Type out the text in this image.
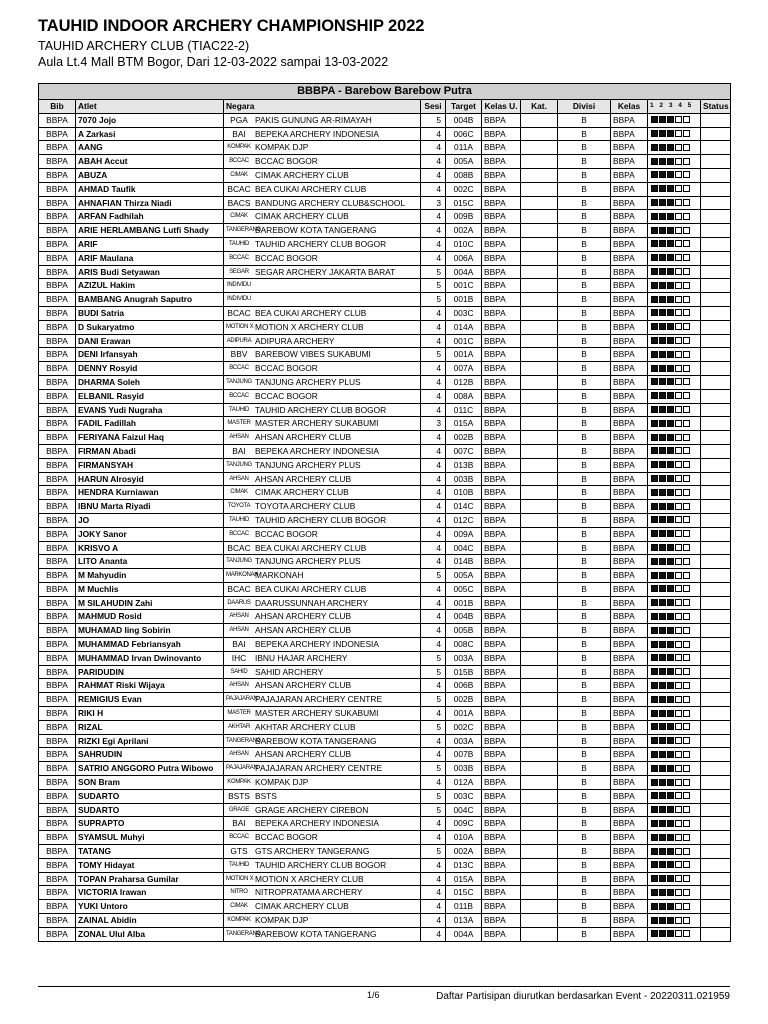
TAUHID INDOOR ARCHERY CHAMPIONSHIP 2022
TAUHID ARCHERY CLUB (TIAC22-2)
Aula Lt.4 Mall BTM Bogor, Dari 12-03-2022 sampai 13-03-2022
BBBPA - Barebow Barebow Putra										
Bib	Atlet	Negara	Sesi	Target	Kelas U.	Kat.	Divisi	Kelas	1 2 3 4 5	Status
BBPA	7070 Jojo	PGA PAKIS GUNUNG AR-RIMAYAH	5	004B	BBPA		B	BBPA		
BBPA	A Zarkasi	BAI BEPEKA ARCHERY INDONESIA	4	006C	BBPA		B	BBPA		
BBPA	AANG	KOMPAK KOMPAK DJP	4	011A	BBPA		B	BBPA		
BBPA	ABAH Accut	BCCAC BCCAC BOGOR	4	005A	BBPA		B	BBPA		
BBPA	ABUZA	CIMAK CIMAK ARCHERY CLUB	4	008B	BBPA		B	BBPA		
BBPA	AHMAD Taufik	BCAC BEA CUKAI ARCHERY CLUB	4	002C	BBPA		B	BBPA		
BBPA	AHNAFIAN Thirza Niadi	BACS BANDUNG ARCHERY CLUB&SCHOOL	3	015C	BBPA		B	BBPA		
BBPA	ARFAN Fadhilah	CIMAK CIMAK ARCHERY CLUB	4	009B	BBPA		B	BBPA		
BBPA	ARIE HERLAMBANG Lutfi Shady	TANGERANGBAREBOW KOTA TANGERANG	4	002A	BBPA		B	BBPA		
BBPA	ARIF	TAUHID TAUHID ARCHERY CLUB BOGOR	4	010C	BBPA		B	BBPA		
BBPA	ARIF Maulana	BCCAC BCCAC BOGOR	4	006A	BBPA		B	BBPA		
BBPA	ARIS Budi Setyawan	SEGAR SEGAR ARCHERY JAKARTA BARAT	5	004A	BBPA		B	BBPA		
BBPA	AZIZUL Hakim	INDIVIDU	5	001C	BBPA		B	BBPA		
BBPA	BAMBANG Anugrah Saputro	INDIVIDU	5	001B	BBPA		B	BBPA		
BBPA	BUDI Satria	BCAC BEA CUKAI ARCHERY CLUB	4	003C	BBPA		B	BBPA		
BBPA	D Sukaryatmo	MOTION X MOTION X ARCHERY CLUB	4	014A	BBPA		B	BBPA		
BBPA	DANI Erawan	ADIPURA ADIPURA ARCHERY	4	001C	BBPA		B	BBPA		
BBPA	DENI Irfansyah	BBV BAREBOW VIBES SUKABUMI	5	001A	BBPA		B	BBPA		
BBPA	DENNY Rosyid	BCCAC BCCAC BOGOR	4	007A	BBPA		B	BBPA		
BBPA	DHARMA Soleh	TANJUNG TANJUNG ARCHERY PLUS	4	012B	BBPA		B	BBPA		
BBPA	ELBANIL Rasyid	BCCAC BCCAC BOGOR	4	008A	BBPA		B	BBPA		
BBPA	EVANS Yudi Nugraha	TAUHID TAUHID ARCHERY CLUB BOGOR	4	011C	BBPA		B	BBPA		
BBPA	FADIL Fadillah	MASTER MASTER ARCHERY SUKABUMI	3	015A	BBPA		B	BBPA		
BBPA	FERIYANA Faizul Haq	AHSAN AHSAN ARCHERY CLUB	4	002B	BBPA		B	BBPA		
BBPA	FIRMAN Abadi	BAI BEPEKA ARCHERY INDONESIA	4	007C	BBPA		B	BBPA		
BBPA	FIRMANSYAH	TANJUNG TANJUNG ARCHERY PLUS	4	013B	BBPA		B	BBPA		
BBPA	HARUN Alrosyid	AHSAN AHSAN ARCHERY CLUB	4	003B	BBPA		B	BBPA		
BBPA	HENDRA Kurniawan	CIMAK CIMAK ARCHERY CLUB	4	010B	BBPA		B	BBPA		
BBPA	IBNU Marta Riyadi	TOYOTA TOYOTA ARCHERY CLUB	4	014C	BBPA		B	BBPA		
BBPA	JO	TAUHID TAUHID ARCHERY CLUB BOGOR	4	012C	BBPA		B	BBPA		
BBPA	JOKY Sanor	BCCAC BCCAC BOGOR	4	009A	BBPA		B	BBPA		
BBPA	KRISVO A	BCAC BEA CUKAI ARCHERY CLUB	4	004C	BBPA		B	BBPA		
BBPA	LITO Ananta	TANJUNG TANJUNG ARCHERY PLUS	4	014B	BBPA		B	BBPA		
BBPA	M Mahyudin	MARKONAHMARKONAH	5	005A	BBPA		B	BBPA		
BBPA	M Muchlis	BCAC BEA CUKAI ARCHERY CLUB	4	005C	BBPA		B	BBPA		
BBPA	M SILAHUDIN Zahi	DAARUS DAARUSSUNNAH ARCHERY	4	001B	BBPA		B	BBPA		
BBPA	MAHMUD Rosid	AHSAN AHSAN ARCHERY CLUB	4	004B	BBPA		B	BBPA		
BBPA	MUHAMAD Iing Sobirin	AHSAN AHSAN ARCHERY CLUB	4	005B	BBPA		B	BBPA		
BBPA	MUHAMMAD Febriansyah	BAI BEPEKA ARCHERY INDONESIA	4	008C	BBPA		B	BBPA		
BBPA	MUHAMMAD Irvan Dwinovanto	IHC IBNU HAJAR ARCHERY	5	003A	BBPA		B	BBPA		
BBPA	PARIDUDIN	SAHID SAHID ARCHERY	5	015B	BBPA		B	BBPA		
BBPA	RAHMAT Riski Wijaya	AHSAN AHSAN ARCHERY CLUB	4	006B	BBPA		B	BBPA		
BBPA	REMIGIUS Evan	PAJAJARANPAJAJARAN ARCHERY CENTRE	5	002B	BBPA		B	BBPA		
BBPA	RIKI H	MASTER MASTER ARCHERY SUKABUMI	4	001A	BBPA		B	BBPA		
BBPA	RIZAL	AKHTAR AKHTAR ARCHERY CLUB	5	002C	BBPA		B	BBPA		
BBPA	RIZKI Egi Aprilani	TANGERANGBAREBOW KOTA TANGERANG	4	003A	BBPA		B	BBPA		
BBPA	SAHRUDIN	AHSAN AHSAN ARCHERY CLUB	4	007B	BBPA		B	BBPA		
BBPA	SATRIO ANGGORO Putra Wibowo	PAJAJARANPAJAJARAN ARCHERY CENTRE	5	003B	BBPA		B	BBPA		
BBPA	SON Bram	KOMPAK KOMPAK DJP	4	012A	BBPA		B	BBPA		
BBPA	SUDARTO	BSTS BSTS	5	003C	BBPA		B	BBPA		
BBPA	SUDARTO	GRAGE GRAGE ARCHERY CIREBON	5	004C	BBPA		B	BBPA		
BBPA	SUPRAPTO	BAI BEPEKA ARCHERY INDONESIA	4	009C	BBPA		B	BBPA		
BBPA	SYAMSUL Muhyi	BCCAC BCCAC BOGOR	4	010A	BBPA		B	BBPA		
BBPA	TATANG	GTS GTS ARCHERY TANGERANG	5	002A	BBPA		B	BBPA		
BBPA	TOMY Hidayat	TAUHID TAUHID ARCHERY CLUB BOGOR	4	013C	BBPA		B	BBPA		
BBPA	TOPAN Praharsa Gumilar	MOTION X MOTION X ARCHERY CLUB	4	015A	BBPA		B	BBPA		
BBPA	VICTORIA Irawan	NITRO NITROPRATAMA ARCHERY	4	015C	BBPA		B	BBPA		
BBPA	YUKI Untoro	CIMAK CIMAK ARCHERY CLUB	4	011B	BBPA		B	BBPA		
BBPA	ZAINAL Abidin	KOMPAK KOMPAK DJP	4	013A	BBPA		B	BBPA		
BBPA	ZONAL Ulul Alba	TANGERANGBAREBOW KOTA TANGERANG	4	004A	BBPA		B	BBPA		
1/6	Daftar Partisipan diurutkan berdasarkan Event - 20220311.021959
